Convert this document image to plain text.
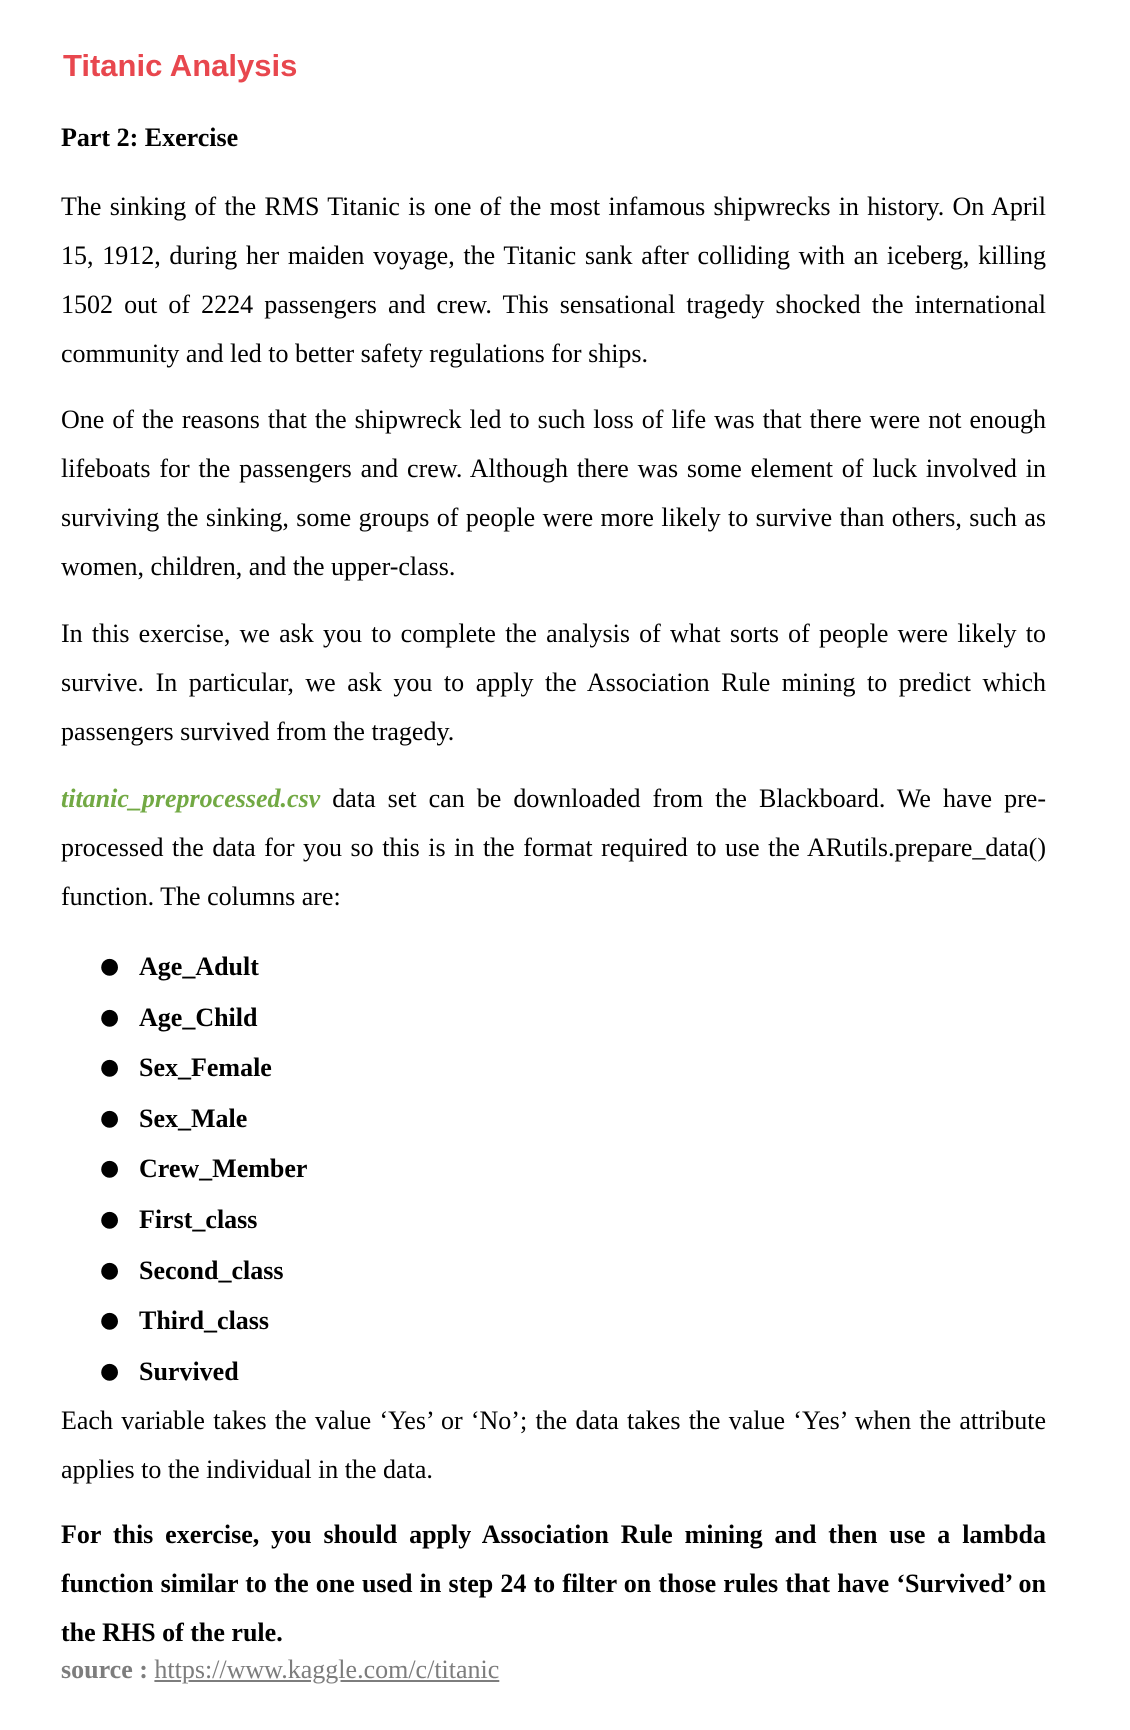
Titanic Analysis
Part 2: Exercise

The sinking of the RMS Titanic is one of the most infamous shipwrecks in history. On April 15, 1912, during her maiden voyage, the Titanic sank after colliding with an iceberg, killing 1502 out of 2224 passengers and crew. This sensational tragedy shocked the international community and led to better safety regulations for ships.

One of the reasons that the shipwreck led to such loss of life was that there were not enough lifeboats for the passengers and crew. Although there was some element of luck involved in surviving the sinking, some groups of people were more likely to survive than others, such as women, children, and the upper-class.

In this exercise, we ask you to complete the analysis of what sorts of people were likely to survive. In particular, we ask you to apply the Association Rule mining to predict which passengers survived from the tragedy.

titanic_preprocessed.csv data set can be downloaded from the Blackboard. We have pre-processed the data for you so this is in the format required to use the ARutils.prepare_data() function. The columns are:

● Age_Adult
● Age_Child
● Sex_Female
● Sex_Male
● Crew_Member
● First_class
● Second_class
● Third_class
● Survived

Each variable takes the value ‘Yes’ or ‘No’; the data takes the value ‘Yes’ when the attribute applies to the individual in the data.

For this exercise, you should apply Association Rule mining and then use a lambda function similar to the one used in step 24 to filter on those rules that have ‘Survived’ on the RHS of the rule.

source : https://www.kaggle.com/c/titanic
